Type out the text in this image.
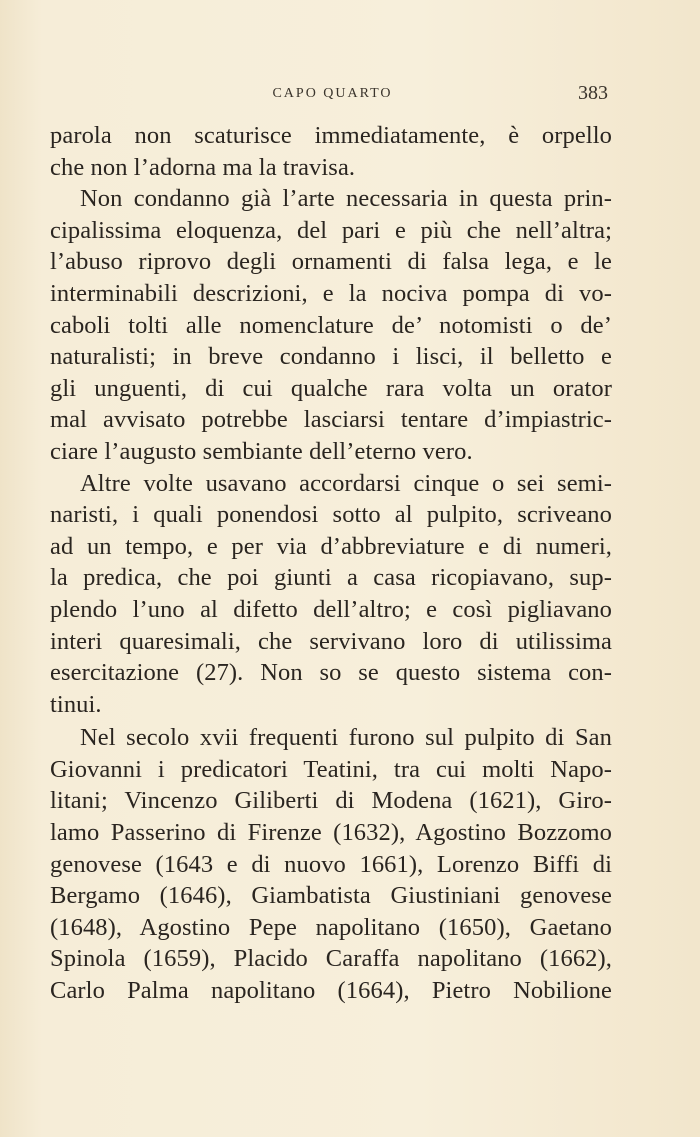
CAPO QUARTO	383
parola non scaturisce immediatamente, è orpello
che non l’adorna ma la travisa.
Non condanno già l’arte necessaria in questa prin-
cipalissima eloquenza, del pari e più che nell’altra;
l’abuso riprovo degli ornamenti di falsa lega, e le
interminabili descrizioni, e la nociva pompa di vo-
caboli tolti alle nomenclature de’ notomisti o de’
naturalisti; in breve condanno i lisci, il belletto e
gli unguenti, di cui qualche rara volta un orator
mal avvisato potrebbe lasciarsi tentare d’impiastric-
ciare l’augusto sembiante dell’eterno vero.
Altre volte usavano accordarsi cinque o sei semi-
naristi, i quali ponendosi sotto al pulpito, scriveano
ad un tempo, e per via d’abbreviature e di numeri,
la predica, che poi giunti a casa ricopiavano, sup-
plendo l’uno al difetto dell’altro; e così pigliavano
interi quaresimali, che servivano loro di utilissima
esercitazione (27). Non so se questo sistema con-
tinui.
Nel secolo xvii frequenti furono sul pulpito di San
Giovanni i predicatori Teatini, tra cui molti Napo-
litani; Vincenzo Giliberti di Modena (1621), Giro-
lamo Passerino di Firenze (1632), Agostino Bozzomo
genovese (1643 e di nuovo 1661), Lorenzo Biffi di
Bergamo (1646), Giambatista Giustiniani genovese
(1648), Agostino Pepe napolitano (1650), Gaetano
Spinola (1659), Placido Caraffa napolitano (1662),
Carlo Palma napolitano (1664), Pietro Nobilione
